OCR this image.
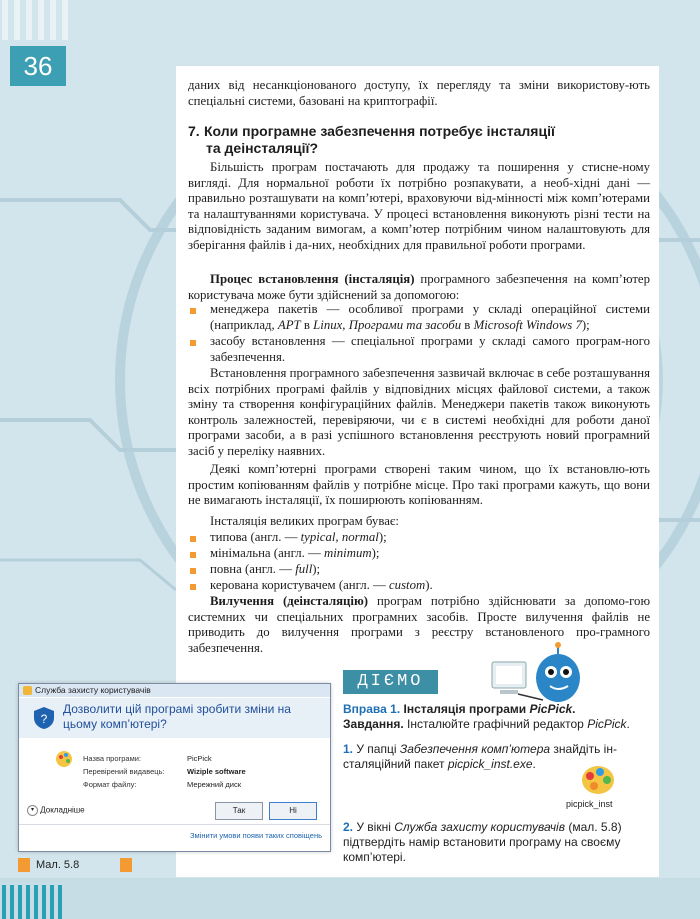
36

даних від несанкціонованого доступу, їх перегляду та зміни використову-ють спеціальні системи, базовані на криптографії.

7. Коли програмне забезпечення потребує інсталяції
та деінсталяції?

Більшість програм постачають для продажу та поширення у стисне-ному вигляді. Для нормальної роботи їх потрібно розпакувати, а необ-хідні дані — правильно розташувати на комп’ютері, враховуючи від-мінності між комп’ютерами та налаштуваннями користувача. У процесі встановлення виконують різні тести на відповідність заданим вимогам, а комп’ютер потрібним чином налаштовують для зберігання файлів і да-них, необхідних для правильної роботи програми.

Процес встановлення (інсталяція) програмного забезпечення на комп’ютер користувача може бути здійснений за допомогою:

менеджера пакетів — особливої програми у складі операційної системи (наприклад, APT в Linux, Програми та засоби в Microsoft Windows 7);
засобу встановлення — спеціальної програми у складі самого програм-ного забезпечення.

Встановлення програмного забезпечення зазвичай включає в себе розташування всіх потрібних програмі файлів у відповідних місцях файлової системи, а також зміну та створення конфігураційних файлів. Менеджери пакетів також виконують контроль залежностей, перевіряючи, чи є в системі необхідні для роботи даної програми засоби, а в разі успішного встановлення реєструють новий програмний засіб у переліку наявних.

Деякі комп’ютерні програми створені таким чином, що їх встановлю-ють простим копіюванням файлів у потрібне місце. Про такі програми кажуть, що вони не вимагають інсталяції, їх поширюють копіюванням.

Інсталяція великих програм буває:

типова (англ. — typical, normal);
мінімальна (англ. — minimum);
повна (англ. — full);
керована користувачем (англ. — custom).

Вилучення (деінсталяцію) програм потрібно здійснювати за допомо-гою системних чи спеціальних програмних засобів. Просте вилучення файлів не приводить до вилучення програми з реєстру встановленого про-грамного забезпечення.

ДІЄМО
Вправа 1. Інсталяція програми PicPick.
Завдання. Інсталюйте графічний редактор PicPick.
1. У папці Забезпечення комп’ютера знайдіть ін-сталяційний пакет picpick_inst.exe.
picpick_inst
2. У вікні Служба захисту користувачів (мал. 5.8) підтвердіть намір встановити програму на своєму комп’ютері.
Служба захисту користувачів
?
Дозволити цій програмі зробити зміни на цьому комп’ютері?
Назва програми:	PicPick
Перевірений видавець:	Wiziple software
Формат файлу:	Мережний диск
▾ Докладніше	Так	Ні
Змінити умови появи таких сповіщень
Мал. 5.8
